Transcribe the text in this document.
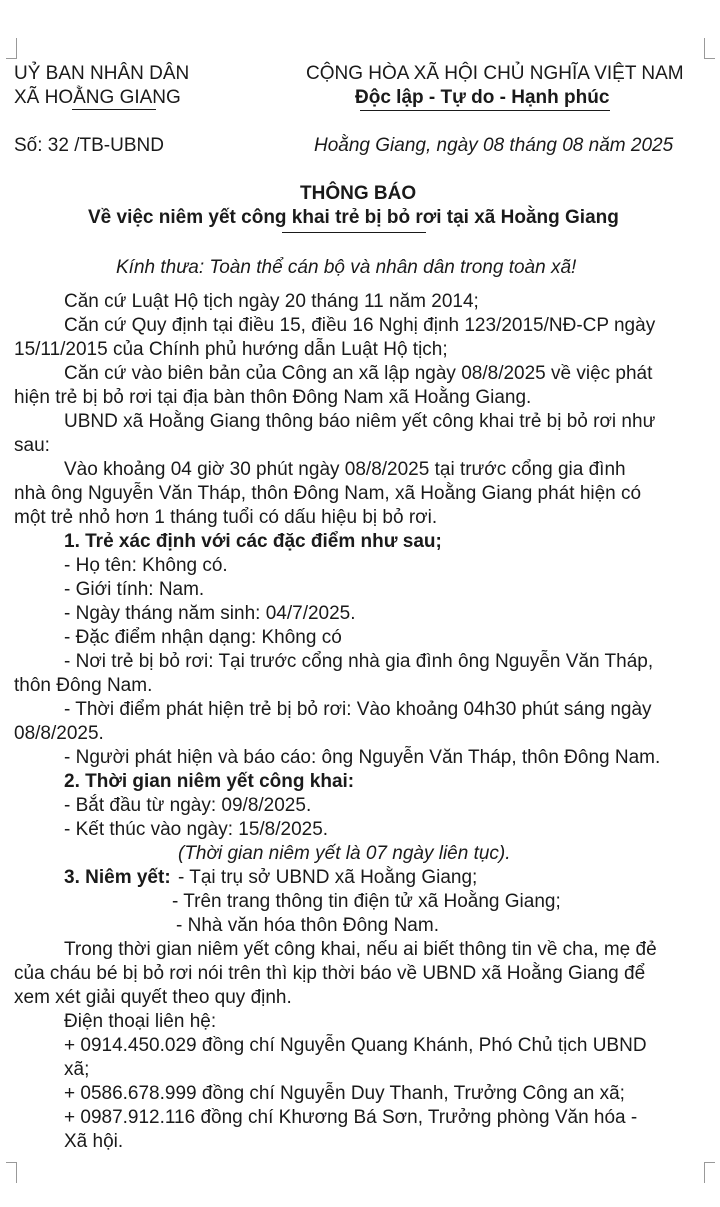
UỶ BAN NHÂN DÂN
XÃ HOẰNG GIANG
CỘNG HÒA XÃ HỘI CHỦ NGHĨA VIỆT NAM
Độc lập - Tự do - Hạnh phúc
Số: 32 /TB-UBND	Hoằng Giang, ngày 08 tháng 08 năm 2025
THÔNG BÁO
Về việc niêm yết công khai trẻ bị bỏ rơi tại xã Hoằng Giang
Kính thưa: Toàn thể cán bộ và nhân dân trong toàn xã!
Căn cứ Luật Hộ tịch ngày 20 tháng 11 năm 2014;
Căn cứ Quy định tại điều 15, điều 16 Nghị định 123/2015/NĐ-CP ngày
15/11/2015 của Chính phủ hướng dẫn Luật Hộ tịch;
Căn cứ vào biên bản của Công an xã lập ngày 08/8/2025 về việc phát
hiện trẻ bị bỏ rơi tại địa bàn thôn Đông Nam xã Hoằng Giang.
UBND xã Hoằng Giang thông báo niêm yết công khai trẻ bị bỏ rơi như
sau:
Vào khoảng 04 giờ 30 phút ngày 08/8/2025 tại trước cổng gia đình
nhà ông Nguyễn Văn Tháp, thôn Đông Nam, xã Hoằng Giang phát hiện có
một trẻ nhỏ hơn 1 tháng tuổi có dấu hiệu bị bỏ rơi.
1. Trẻ xác định với các đặc điểm như sau;
- Họ tên: Không có.
- Giới tính: Nam.
- Ngày tháng năm sinh: 04/7/2025.
- Đặc điểm nhận dạng: Không có
- Nơi trẻ bị bỏ rơi: Tại trước cổng nhà gia đình ông Nguyễn Văn Tháp,
thôn Đông Nam.
- Thời điểm phát hiện trẻ bị bỏ rơi: Vào khoảng 04h30 phút sáng ngày
08/8/2025.
- Người phát hiện và báo cáo: ông Nguyễn Văn Tháp, thôn Đông Nam.
2. Thời gian niêm yết công khai:
- Bắt đầu từ ngày: 09/8/2025.
- Kết thúc vào ngày: 15/8/2025.
(Thời gian niêm yết là 07 ngày liên tục).
3. Niêm yết: - Tại trụ sở UBND xã Hoằng Giang;
- Trên trang thông tin điện tử xã Hoằng Giang;
- Nhà văn hóa thôn Đông Nam.
Trong thời gian niêm yết công khai, nếu ai biết thông tin về cha, mẹ đẻ
của cháu bé bị bỏ rơi nói trên thì kịp thời báo về UBND xã Hoằng Giang để
xem xét giải quyết theo quy định.
Điện thoại liên hệ:
+ 0914.450.029 đồng chí Nguyễn Quang Khánh, Phó Chủ tịch UBND
xã;
+ 0586.678.999 đồng chí Nguyễn Duy Thanh, Trưởng Công an xã;
+ 0987.912.116 đồng chí Khương Bá Sơn, Trưởng phòng Văn hóa -
Xã hội.
